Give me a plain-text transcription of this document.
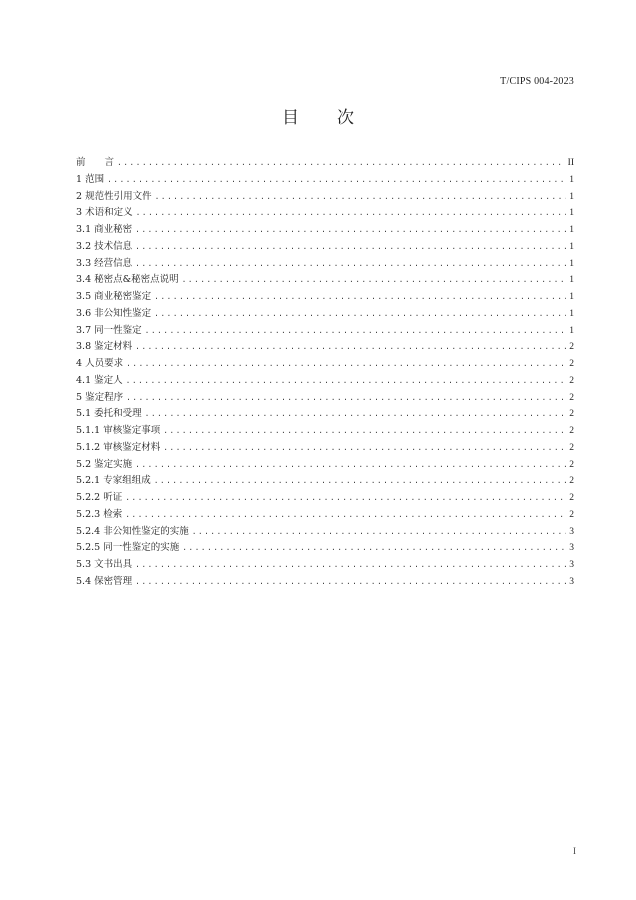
T/CIPS 004-2023
目 次
前　　言 .....	II
1 范围 .....	1
2 规范性引用文件 .....	1
3 术语和定义 .....	1
3.1 商业秘密 .....	1
3.2 技术信息 .....	1
3.3 经营信息 .....	1
3.4 秘密点&秘密点说明 .....	1
3.5 商业秘密鉴定 .....	1
3.6 非公知性鉴定 .....	1
3.7 同一性鉴定 .....	1
3.8 鉴定材料 .....	2
4 人员要求 .....	2
4.1 鉴定人 .....	2
5 鉴定程序 .....	2
5.1 委托和受理 .....	2
5.1.1 审核鉴定事项 .....	2
5.1.2 审核鉴定材料 .....	2
5.2 鉴定实施 .....	2
5.2.1 专家组组成 .....	2
5.2.2 听证 .....	2
5.2.3 检索 .....	2
5.2.4 非公知性鉴定的实施 .....	3
5.2.5 同一性鉴定的实施 .....	3
5.3 文书出具 .....	3
5.4 保密管理 .....	3
I
